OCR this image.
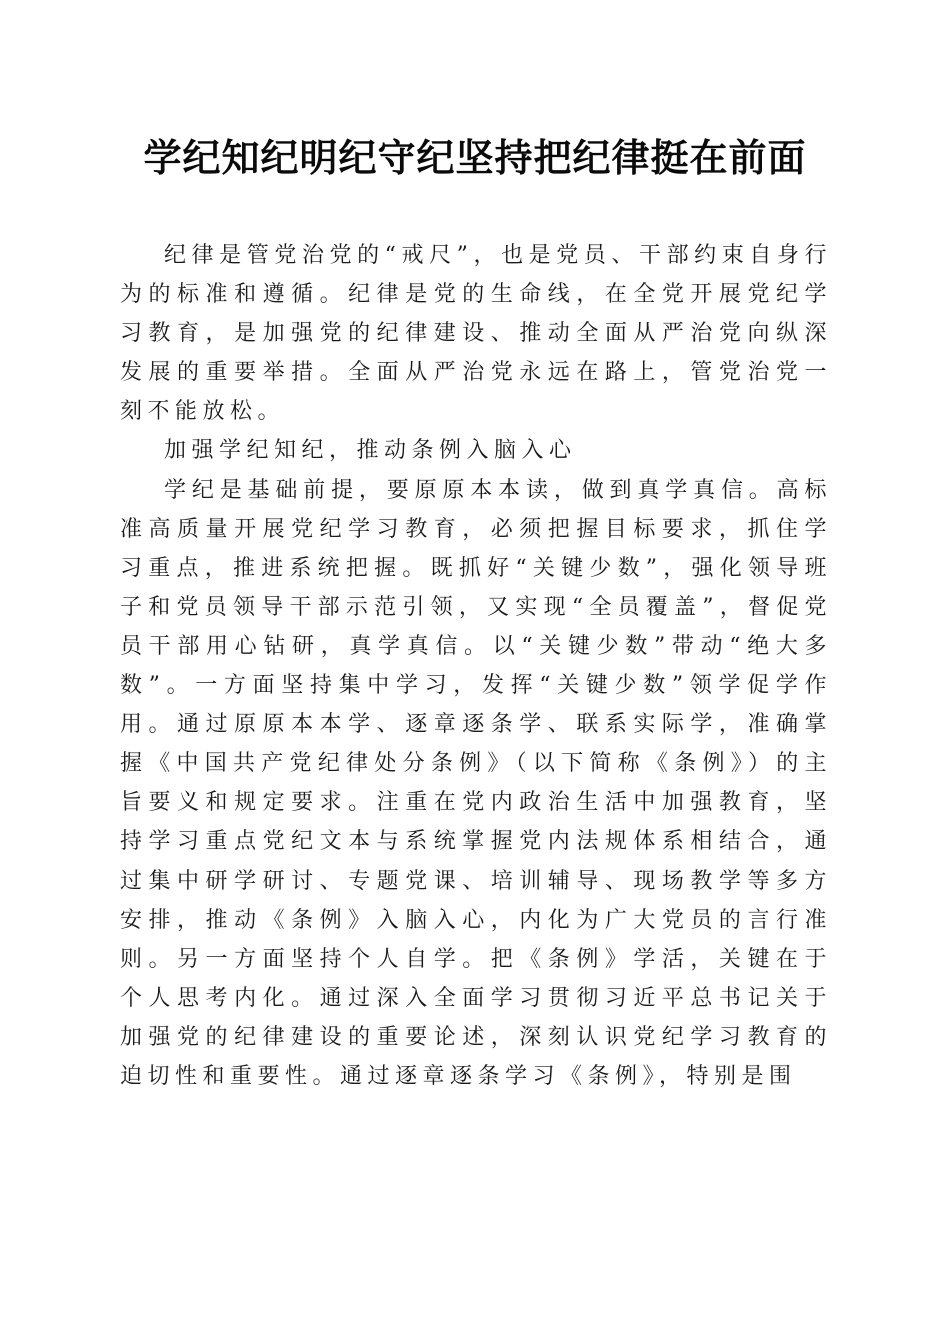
学纪知纪明纪守纪坚持把纪律挺在前面

纪律是管党治党的“戒尺”，也是党员、干部约束自身行为的标准和遵循。纪律是党的生命线，在全党开展党纪学习教育，是加强党的纪律建设、推动全面从严治党向纵深发展的重要举措。全面从严治党永远在路上，管党治党一刻不能放松。

加强学纪知纪，推动条例入脑入心

学纪是基础前提，要原原本本读，做到真学真信。高标准高质量开展党纪学习教育，必须把握目标要求，抓住学习重点，推进系统把握。既抓好“关键少数”，强化领导班子和党员领导干部示范引领，又实现“全员覆盖”，督促党员干部用心钻研，真学真信。以“关键少数”带动“绝大多数”。一方面坚持集中学习，发挥“关键少数”领学促学作用。通过原原本本学、逐章逐条学、联系实际学，准确掌握《中国共产党纪律处分条例》（以下简称《条例》）的主旨要义和规定要求。注重在党内政治生活中加强教育，坚持学习重点党纪文本与系统掌握党内法规体系相结合，通过集中研学研讨、专题党课、培训辅导、现场教学等多方安排，推动《条例》入脑入心，内化为广大党员的言行准则。另一方面坚持个人自学。把《条例》学活，关键在于个人思考内化。通过深入全面学习贯彻习近平总书记关于加强党的纪律建设的重要论述，深刻认识党纪学习教育的迫切性和重要性。通过逐章逐条学习《条例》，特别是围
